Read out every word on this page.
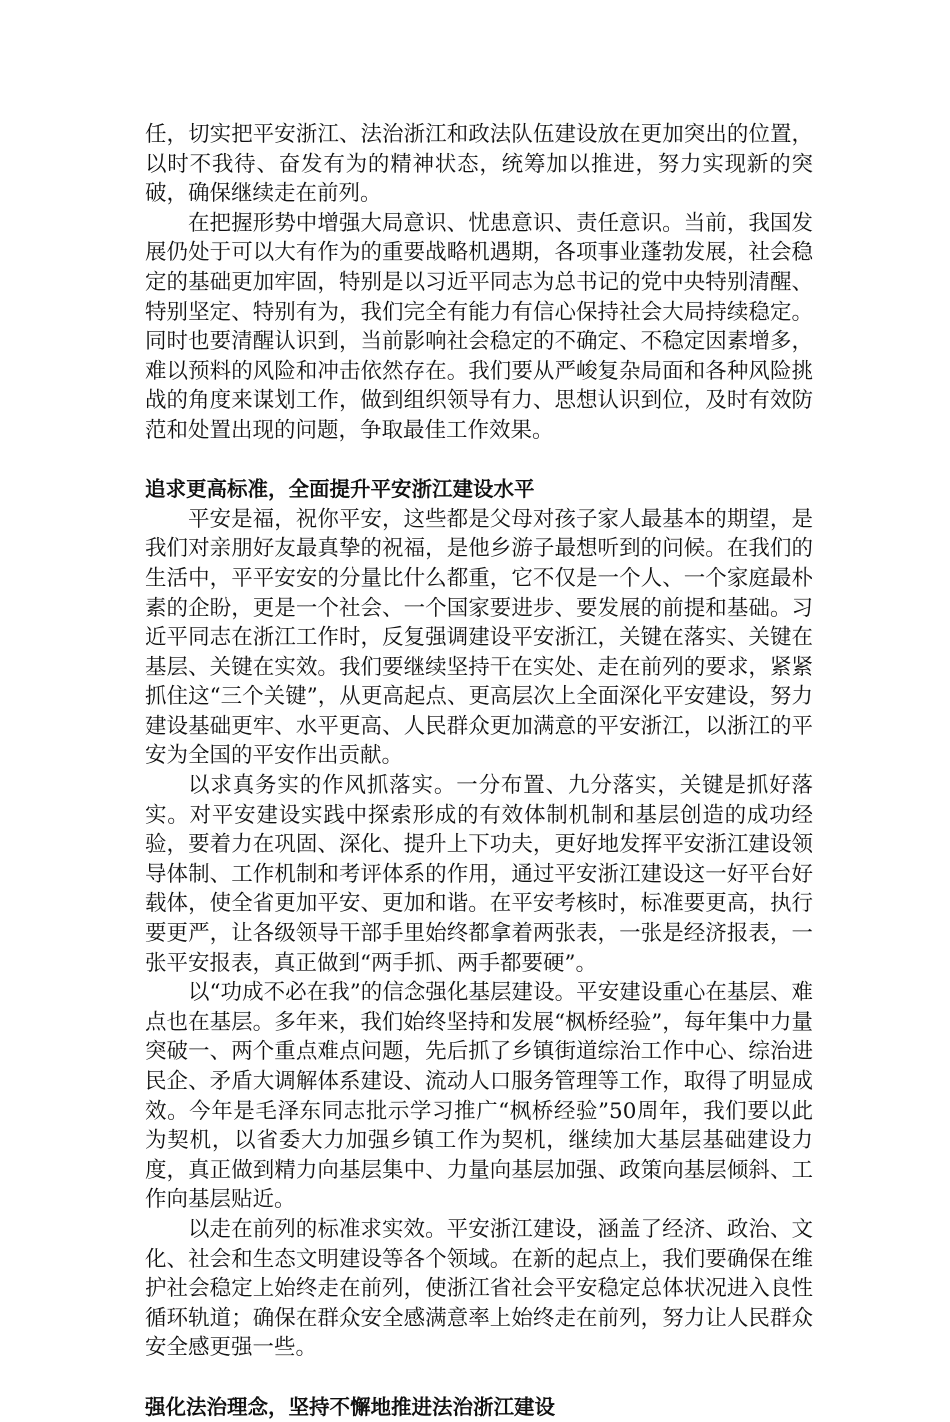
任，切实把平安浙江、法治浙江和政法队伍建设放在更加突出的位置，以时不我待、奋发有为的精神状态，统筹加以推进，努力实现新的突破，确保继续走在前列。

在把握形势中增强大局意识、忧患意识、责任意识。当前，我国发展仍处于可以大有作为的重要战略机遇期，各项事业蓬勃发展，社会稳定的基础更加牢固，特别是以习近平同志为总书记的党中央特别清醒、特别坚定、特别有为，我们完全有能力有信心保持社会大局持续稳定。同时也要清醒认识到，当前影响社会稳定的不确定、不稳定因素增多，难以预料的风险和冲击依然存在。我们要从严峻复杂局面和各种风险挑战的角度来谋划工作，做到组织领导有力、思想认识到位，及时有效防范和处置出现的问题，争取最佳工作效果。

追求更高标准，全面提升平安浙江建设水平

平安是福，祝你平安，这些都是父母对孩子家人最基本的期望，是我们对亲朋好友最真挚的祝福，是他乡游子最想听到的问候。在我们的生活中，平平安安的分量比什么都重，它不仅是一个人、一个家庭最朴素的企盼，更是一个社会、一个国家要进步、要发展的前提和基础。习近平同志在浙江工作时，反复强调建设平安浙江，关键在落实、关键在基层、关键在实效。我们要继续坚持干在实处、走在前列的要求，紧紧抓住这“三个关键”，从更高起点、更高层次上全面深化平安建设，努力建设基础更牢、水平更高、人民群众更加满意的平安浙江，以浙江的平安为全国的平安作出贡献。

以求真务实的作风抓落实。一分布置、九分落实，关键是抓好落实。对平安建设实践中探索形成的有效体制机制和基层创造的成功经验，要着力在巩固、深化、提升上下功夫，更好地发挥平安浙江建设领导体制、工作机制和考评体系的作用，通过平安浙江建设这一好平台好载体，使全省更加平安、更加和谐。在平安考核时，标准要更高，执行要更严，让各级领导干部手里始终都拿着两张表，一张是经济报表，一张平安报表，真正做到“两手抓、两手都要硬”。

以“功成不必在我”的信念强化基层建设。平安建设重心在基层、难点也在基层。多年来，我们始终坚持和发展“枫桥经验”，每年集中力量突破一、两个重点难点问题，先后抓了乡镇街道综治工作中心、综治进民企、矛盾大调解体系建设、流动人口服务管理等工作，取得了明显成效。今年是毛泽东同志批示学习推广“枫桥经验”50周年，我们要以此为契机，以省委大力加强乡镇工作为契机，继续加大基层基础建设力度，真正做到精力向基层集中、力量向基层加强、政策向基层倾斜、工作向基层贴近。

以走在前列的标准求实效。平安浙江建设，涵盖了经济、政治、文化、社会和生态文明建设等各个领域。在新的起点上，我们要确保在维护社会稳定上始终走在前列，使浙江省社会平安稳定总体状况进入良性循环轨道；确保在群众安全感满意率上始终走在前列，努力让人民群众安全感更强一些。

强化法治理念，坚持不懈地推进法治浙江建设
